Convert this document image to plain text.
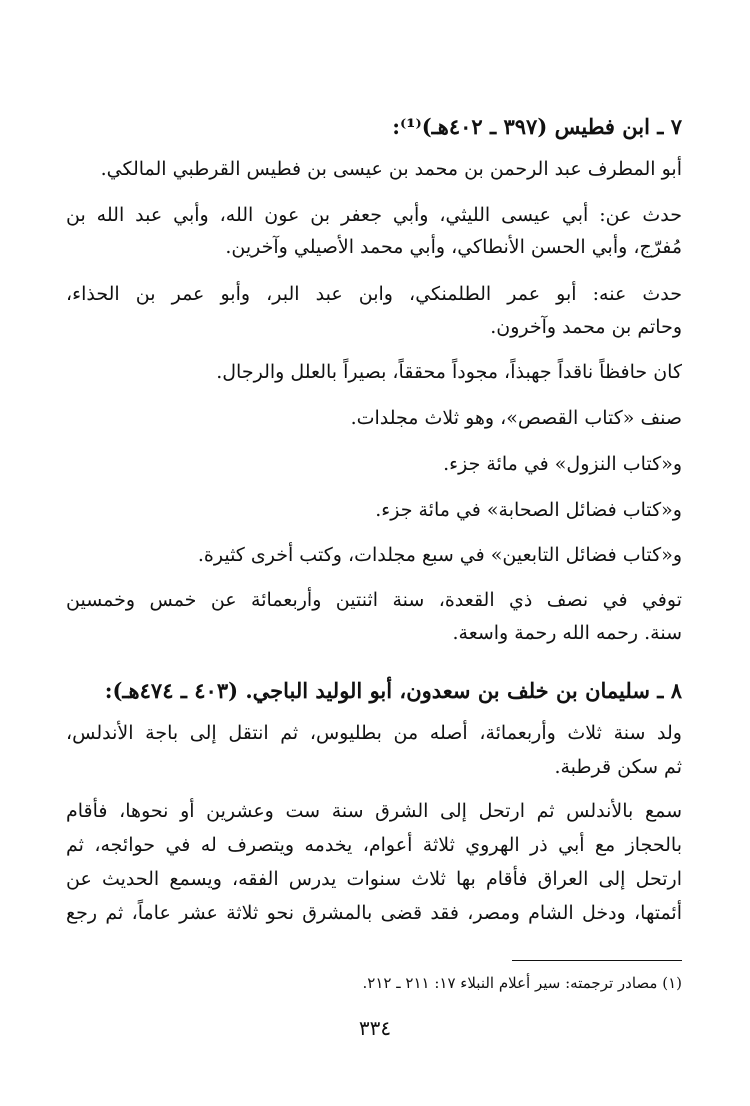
٧ ـ ابن فطيس (٣٩٧ ـ ٤٠٢هـ)⁽¹⁾:
أبو المطرف عبد الرحمن بن محمد بن عيسى بن فطيس القرطبي المالكي.
حدث عن: أبي عيسى الليثي، وأبي جعفر بن عون الله، وأبي عبد الله بن
مُفرّج، وأبي الحسن الأنطاكي، وأبي محمد الأصيلي وآخرين.
حدث عنه: أبو عمر الطلمنكي، وابن عبد البر، وأبو عمر بن الحذاء،
وحاتم بن محمد وآخرون.
كان حافظاً ناقداً جهبذاً، مجوداً محققاً، بصيراً بالعلل والرجال.
صنف «كتاب القصص»، وهو ثلاث مجلدات.
و«كتاب النزول» في مائة جزء.
و«كتاب فضائل الصحابة» في مائة جزء.
و«كتاب فضائل التابعين» في سبع مجلدات، وكتب أخرى كثيرة.
توفي في نصف ذي القعدة، سنة اثنتين وأربعمائة عن خمس وخمسين
سنة. رحمه الله رحمة واسعة.
٨ ـ سليمان بن خلف بن سعدون، أبو الوليد الباجي. (٤٠٣ ـ ٤٧٤هـ):
ولد سنة ثلاث وأربعمائة، أصله من بطليوس، ثم انتقل إلى باجة الأندلس،
ثم سكن قرطبة.
سمع بالأندلس ثم ارتحل إلى الشرق سنة ست وعشرين أو نحوها، فأقام
بالحجاز مع أبي ذر الهروي ثلاثة أعوام، يخدمه ويتصرف له في حوائجه، ثم
ارتحل إلى العراق فأقام بها ثلاث سنوات يدرس الفقه، ويسمع الحديث عن
أئمتها، ودخل الشام ومصر، فقد قضى بالمشرق نحو ثلاثة عشر عاماً، ثم رجع
(١) مصادر ترجمته: سير أعلام النبلاء ١٧: ٢١١ ـ ٢١٢.
٣٣٤
